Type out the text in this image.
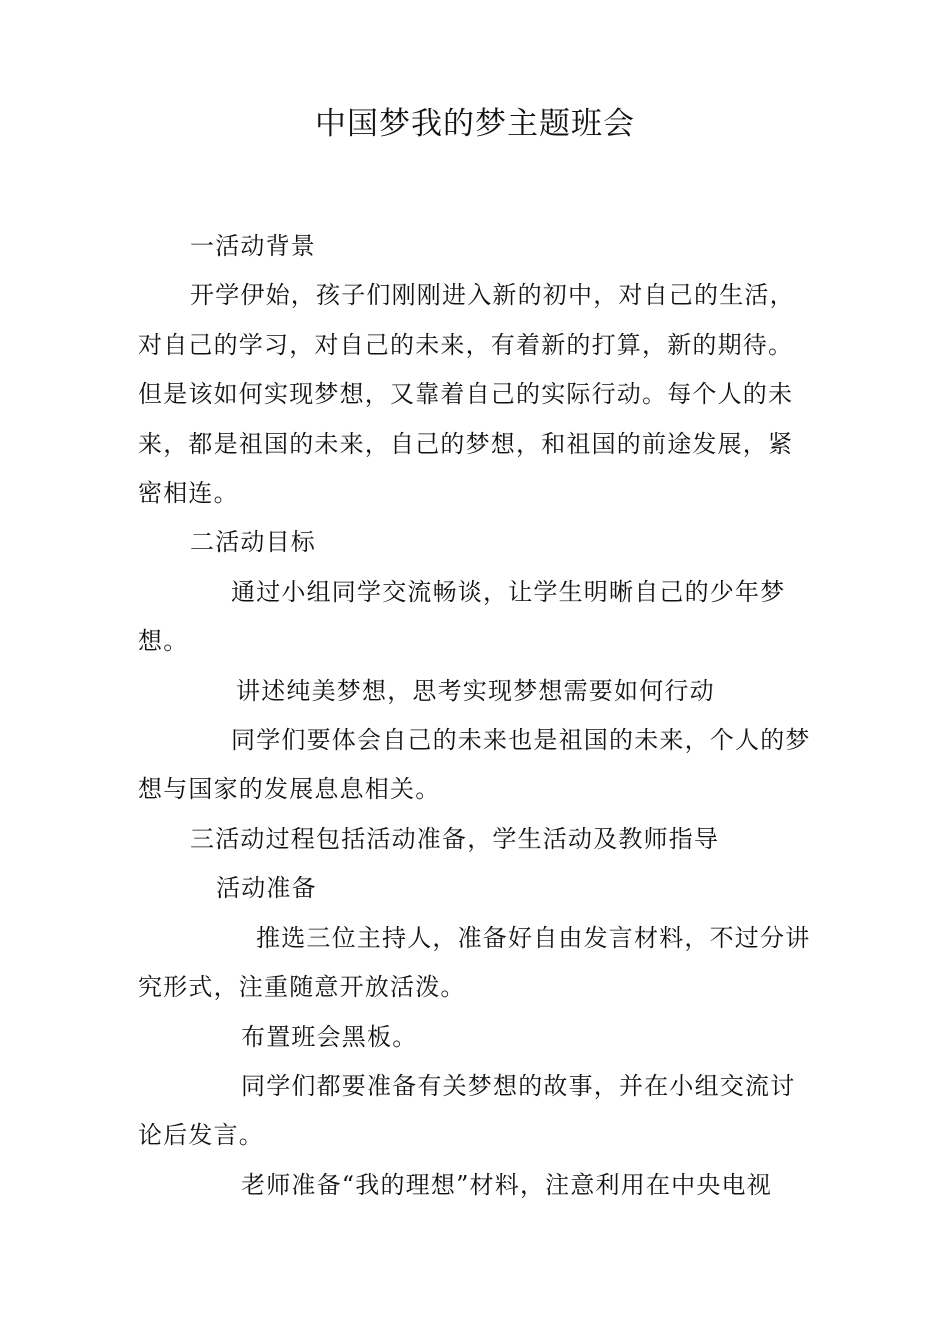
中国梦我的梦主题班会

一活动背景

开学伊始，孩子们刚刚进入新的初中，对自己的生活，对自己的学习，对自己的未来，有着新的打算，新的期待。但是该如何实现梦想，又靠着自己的实际行动。每个人的未来，都是祖国的未来，自己的梦想，和祖国的前途发展，紧密相连。

二活动目标

通过小组同学交流畅谈，让学生明晰自己的少年梦想。

讲述纯美梦想，思考实现梦想需要如何行动

同学们要体会自己的未来也是祖国的未来，个人的梦想与国家的发展息息相关。

三活动过程包括活动准备，学生活动及教师指导

活动准备

推选三位主持人，准备好自由发言材料，不过分讲究形式，注重随意开放活泼。

布置班会黑板。

同学们都要准备有关梦想的故事，并在小组交流讨论后发言。

老师准备“我的理想”材料，注意利用在中央电视
